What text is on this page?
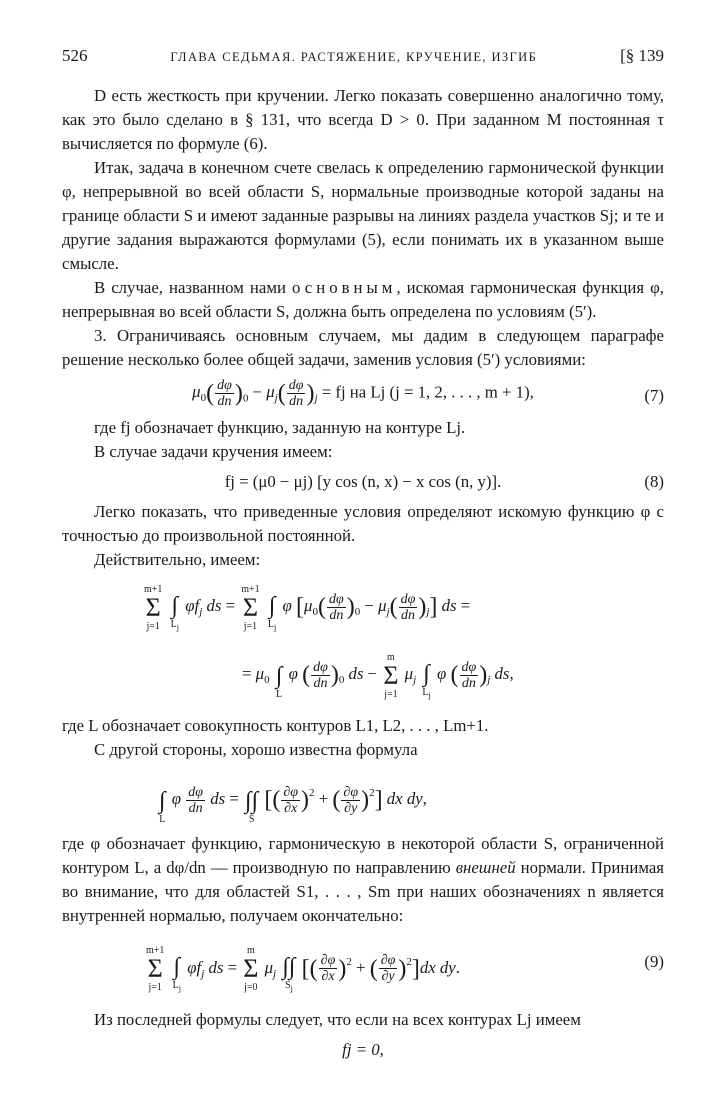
526	ГЛАВА СЕДЬМАЯ. РАСТЯЖЕНИЕ, КРУЧЕНИЕ, ИЗГИБ	[§ 139

D есть жесткость при кручении. Легко показать совершенно аналогично тому, как это было сделано в § 131, что всегда D > 0. При заданном M постоянная τ вычисляется по формуле (6).

Итак, задача в конечном счете свелась к определению гармонической функции φ, непрерывной во всей области S, нормальные производные которой заданы на границе области S и имеют заданные разрывы на линиях раздела участков Sj; и те и другие задания выражаются формулами (5), если понимать их в указанном выше смысле.

В случае, названном нами основным, искомая гармоническая функция φ, непрерывная во всей области S, должна быть определена по условиям (5′).

3. Ограничиваясь основным случаем, мы дадим в следующем параграфе решение несколько более общей задачи, заменив условия (5′) условиями:

$\mu_0( \frac{d\varphi}{dn} )_0 - \mu_j( \frac{d\varphi}{dn} )_j$ = fj на Lj (j = 1, 2, . . . , m + 1),	(7)

где fj обозначает функцию, заданную на контуре Lj.

В случае задачи кручения имеем:

fj = (μ0 − μj) [y cos (n, x) − x cos (n, y)].	(8)

Легко показать, что приведенные условия определяют искомую функцию φ с точностью до произвольной постоянной.

Действительно, имеем:

m+1
Σ
j=1

∫
$L_j$
$\varphi f_j$ ds =
m+1
Σ
j=1

∫
$L_j$
φ $[\mu_0( \frac{d\varphi}{dn} )_0 - \mu_j( \frac{d\varphi}{dn} )_j]$ ds =
= $\mu_0$
∫
L
φ ( $\frac{d\varphi}{dn} )_0$ ds −
m
Σ
j=1
$\mu_j$
∫
$L_j$
φ ( $\frac{d\varphi}{dn} )_j$ ds,

где L обозначает совокупность контуров L1, L2, . . . , Lm+1.

С другой стороны, хорошо известна формула

∫
L
φ $\frac{d\varphi}{dn}$ ds =
∫∫
S
[( $\frac{\partial\varphi}{\partial x} )^2$ + ( $\frac{\partial\varphi}{\partial y} )^2$] dx dy,

где φ обозначает функцию, гармоническую в некоторой области S, ограниченной контуром L, а dφ/dn — производную по направлению внешней нормали. Принимая во внимание, что для областей S1, . . . , Sm при наших обозначениях n является внутренней нормалью, получаем окончательно:

m+1
Σ
j=1

∫
$L_j$
$\varphi f_j$ ds =
m
Σ
j=0
$\mu_j$
∫∫
$S_j$
[( $\frac{\partial\varphi}{\partial x} )^2$ + ( $\frac{\partial\varphi}{\partial y} )^2]dx$ dy.	(9)

Из последней формулы следует, что если на всех контурах Lj имеем

fj = 0,
